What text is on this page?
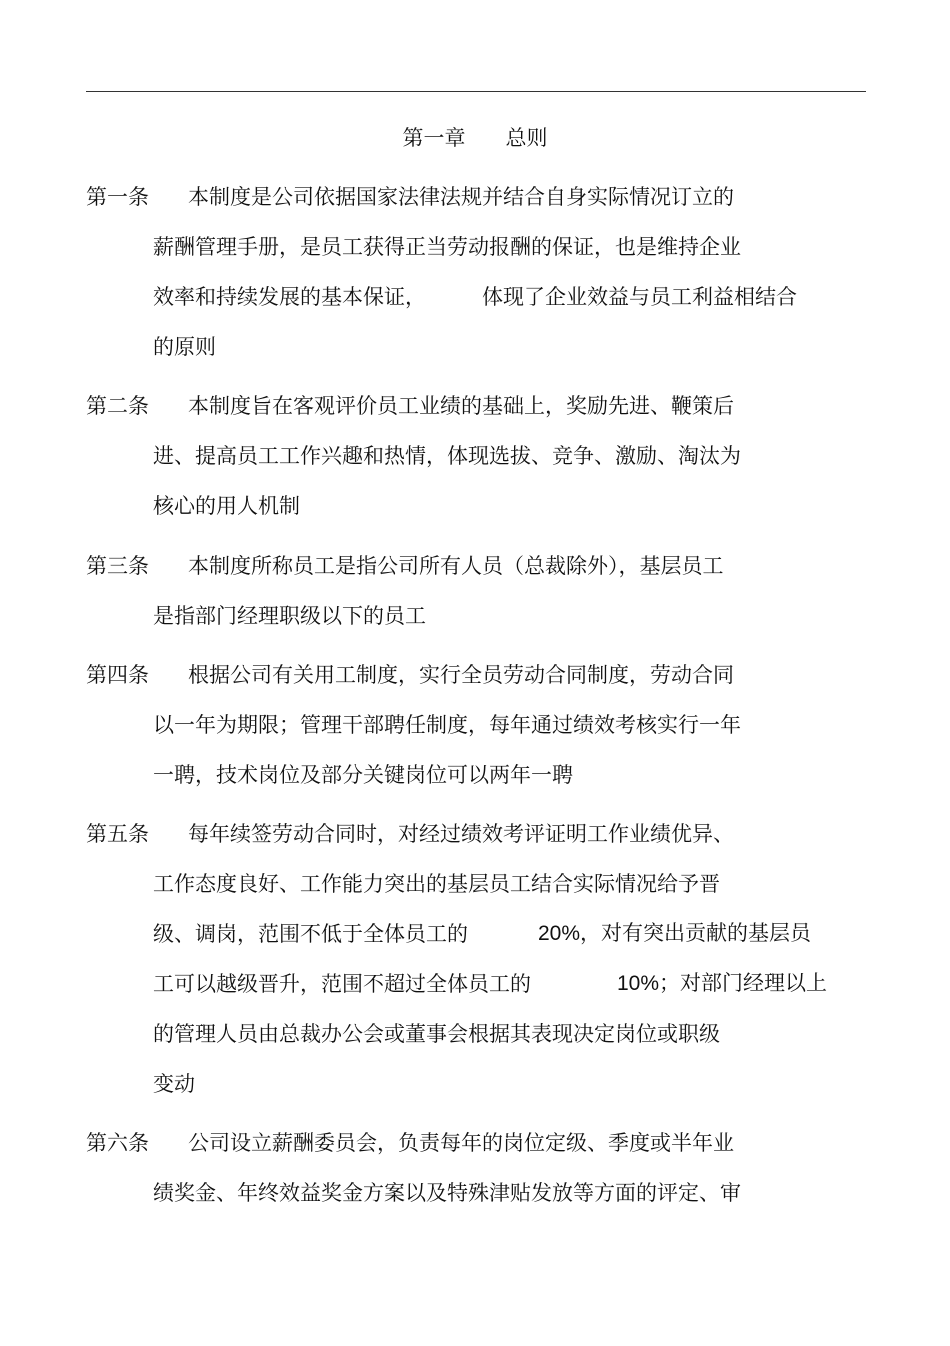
第一章 总则
第一条 本制度是公司依据国家法律法规并结合自身实际情况订立的
薪酬管理手册，是员工获得正当劳动报酬的保证，也是维持企业
效率和持续发展的基本保证，	体现了企业效益与员工利益相结合
的原则
第二条 本制度旨在客观评价员工业绩的基础上，奖励先进、鞭策后
进、提高员工工作兴趣和热情，体现选拔、竞争、激励、淘汰为
核心的用人机制
第三条 本制度所称员工是指公司所有人员（总裁除外），基层员工
是指部门经理职级以下的员工
第四条 根据公司有关用工制度，实行全员劳动合同制度，劳动合同
以一年为期限；管理干部聘任制度，每年通过绩效考核实行一年
一聘，技术岗位及部分关键岗位可以两年一聘
第五条 每年续签劳动合同时，对经过绩效考评证明工作业绩优异、
工作态度良好、工作能力突出的基层员工结合实际情况给予晋
级、调岗，范围不低于全体员工的	20%，对有突出贡献的基层员
工可以越级晋升，范围不超过全体员工的	10%；对部门经理以上
的管理人员由总裁办公会或董事会根据其表现决定岗位或职级
变动
第六条 公司设立薪酬委员会，负责每年的岗位定级、季度或半年业
绩奖金、年终效益奖金方案以及特殊津贴发放等方面的评定、审
